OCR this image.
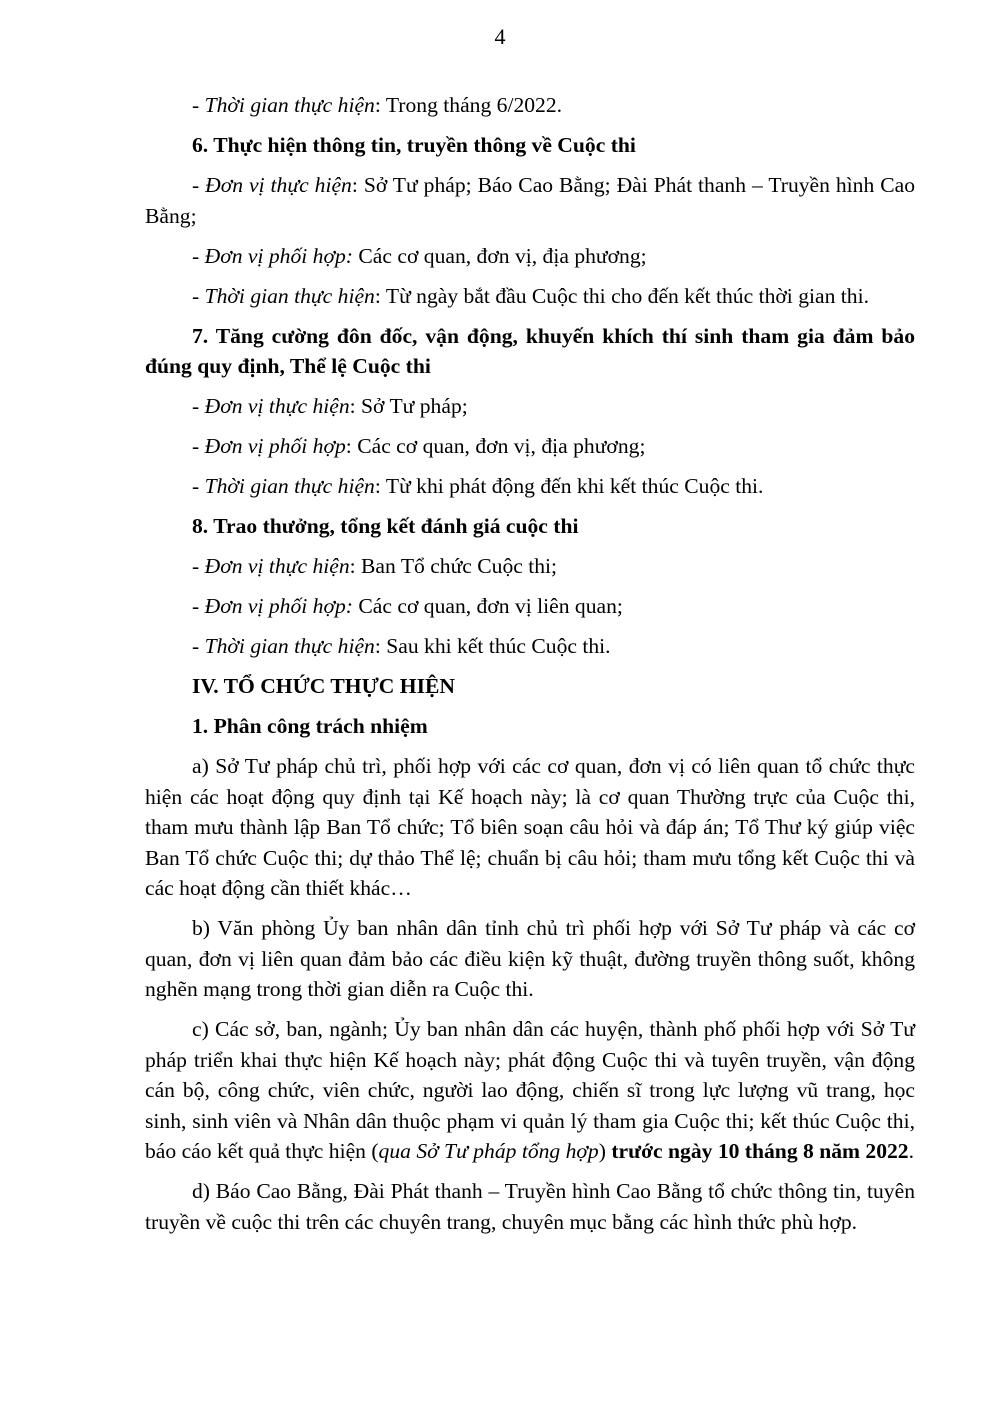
4

- Thời gian thực hiện: Trong tháng 6/2022.

6. Thực hiện thông tin, truyền thông về Cuộc thi

- Đơn vị thực hiện: Sở Tư pháp; Báo Cao Bằng; Đài Phát thanh – Truyền hình Cao Bằng;

- Đơn vị phối hợp: Các cơ quan, đơn vị, địa phương;

- Thời gian thực hiện: Từ ngày bắt đầu Cuộc thi cho đến kết thúc thời gian thi.

7. Tăng cường đôn đốc, vận động, khuyến khích thí sinh tham gia đảm bảo đúng quy định, Thể lệ Cuộc thi

- Đơn vị thực hiện: Sở Tư pháp;

- Đơn vị phối hợp: Các cơ quan, đơn vị, địa phương;

- Thời gian thực hiện: Từ khi phát động đến khi kết thúc Cuộc thi.

8. Trao thưởng, tổng kết đánh giá cuộc thi

- Đơn vị thực hiện: Ban Tổ chức Cuộc thi;

- Đơn vị phối hợp: Các cơ quan, đơn vị liên quan;

- Thời gian thực hiện: Sau khi kết thúc Cuộc thi.

IV. TỔ CHỨC THỰC HIỆN

1. Phân công trách nhiệm

a) Sở Tư pháp chủ trì, phối hợp với các cơ quan, đơn vị có liên quan tổ chức thực hiện các hoạt động quy định tại Kế hoạch này; là cơ quan Thường trực của Cuộc thi, tham mưu thành lập Ban Tổ chức; Tổ biên soạn câu hỏi và đáp án; Tổ Thư ký giúp việc Ban Tổ chức Cuộc thi; dự thảo Thể lệ; chuẩn bị câu hỏi; tham mưu tổng kết Cuộc thi và các hoạt động cần thiết khác…

b) Văn phòng Ủy ban nhân dân tỉnh chủ trì phối hợp với Sở Tư pháp và các cơ quan, đơn vị liên quan đảm bảo các điều kiện kỹ thuật, đường truyền thông suốt, không nghẽn mạng trong thời gian diễn ra Cuộc thi.

c) Các sở, ban, ngành; Ủy ban nhân dân các huyện, thành phố phối hợp với Sở Tư pháp triển khai thực hiện Kế hoạch này; phát động Cuộc thi và tuyên truyền, vận động cán bộ, công chức, viên chức, người lao động, chiến sĩ trong lực lượng vũ trang, học sinh, sinh viên và Nhân dân thuộc phạm vi quản lý tham gia Cuộc thi; kết thúc Cuộc thi, báo cáo kết quả thực hiện (qua Sở Tư pháp tổng hợp) trước ngày 10 tháng 8 năm 2022.

d) Báo Cao Bằng, Đài Phát thanh – Truyền hình Cao Bằng tổ chức thông tin, tuyên truyền về cuộc thi trên các chuyên trang, chuyên mục bằng các hình thức phù hợp.
